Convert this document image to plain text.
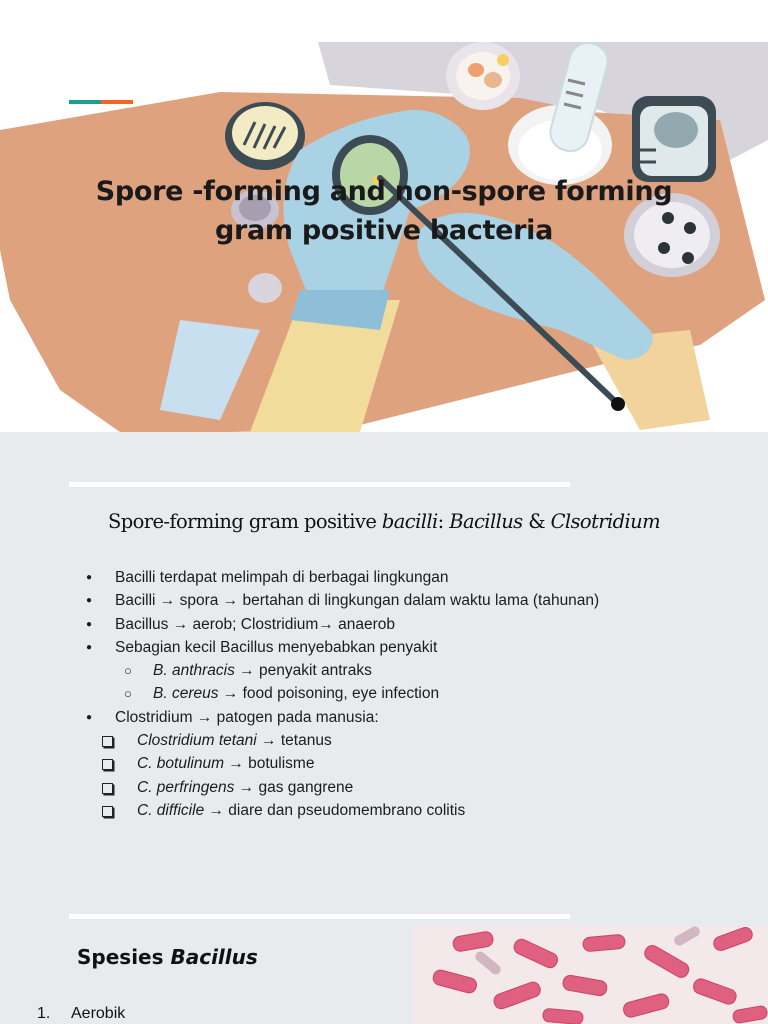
Spore -forming and non-spore forming
gram positive bacteria
Spore-forming gram positive bacilli: Bacillus & Clsotridium
● Bacilli terdapat melimpah di berbagai lingkungan
● Bacilli → spora → bertahan di lingkungan dalam waktu lama (tahunan)
● Bacillus → aerob; Clostridium→ anaerob
● Sebagian kecil Bacillus menyebabkan penyakit
○ B. anthracis → penyakit antraks
○ B. cereus → food poisoning, eye infection
● Clostridium → patogen pada manusia:
Clostridium tetani → tetanus
C. botulinum → botulisme
C. perfringens → gas gangrene
C. difficile → diare dan pseudomembrano colitis
Spesies Bacillus
1. Aerobik
